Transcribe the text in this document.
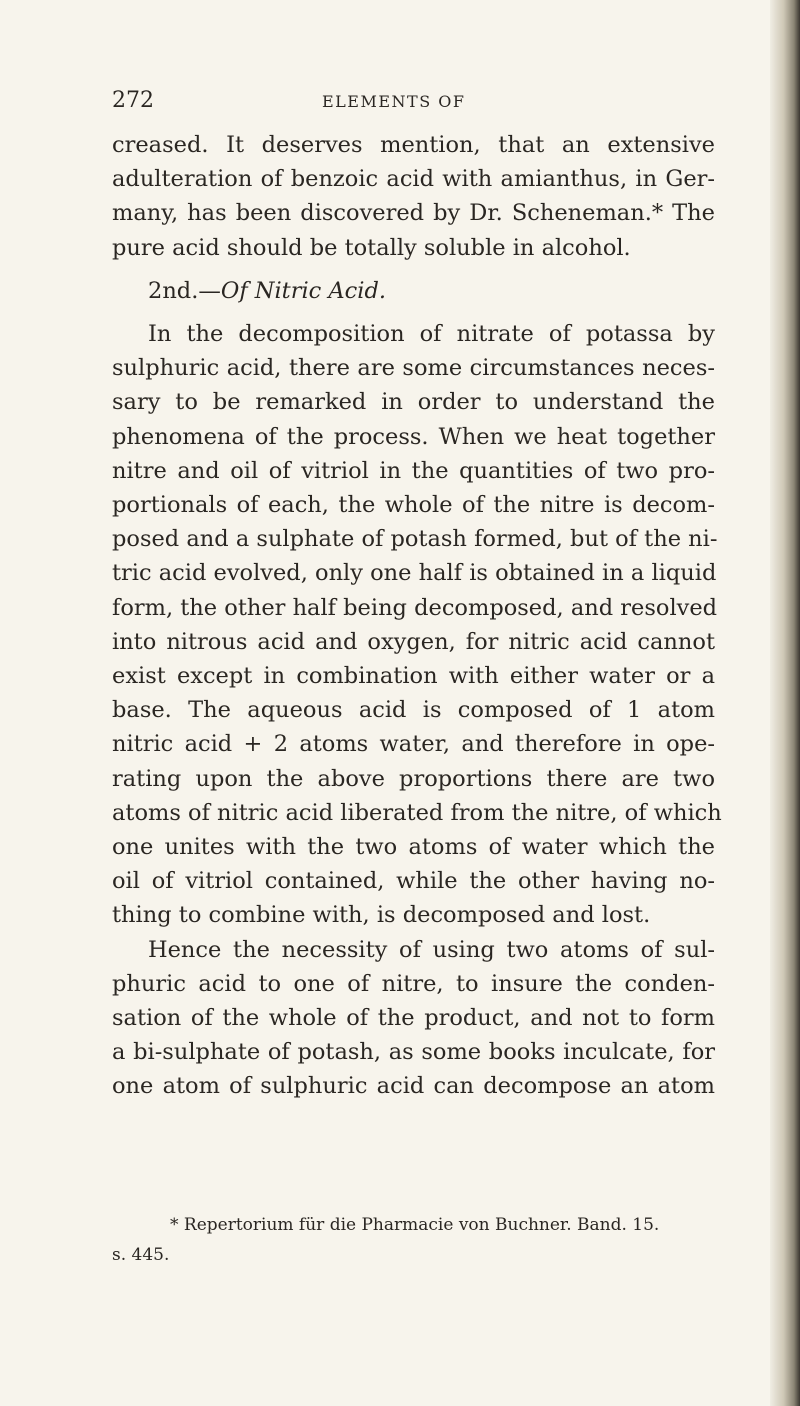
272	ELEMENTS OF
creased. It deserves mention, that an extensive
adulteration of benzoic acid with amianthus, in Ger-
many, has been discovered by Dr. Scheneman.* The
pure acid should be totally soluble in alcohol.
2nd.—Of Nitric Acid.
In the decomposition of nitrate of potassa by
sulphuric acid, there are some circumstances neces-
sary to be remarked in order to understand the
phenomena of the process. When we heat together
nitre and oil of vitriol in the quantities of two pro-
portionals of each, the whole of the nitre is decom-
posed and a sulphate of potash formed, but of the ni-
tric acid evolved, only one half is obtained in a liquid
form, the other half being decomposed, and resolved
into nitrous acid and oxygen, for nitric acid cannot
exist except in combination with either water or a
base. The aqueous acid is composed of 1 atom
nitric acid + 2 atoms water, and therefore in ope-
rating upon the above proportions there are two
atoms of nitric acid liberated from the nitre, of which
one unites with the two atoms of water which the
oil of vitriol contained, while the other having no-
thing to combine with, is decomposed and lost.
Hence the necessity of using two atoms of sul-
phuric acid to one of nitre, to insure the conden-
sation of the whole of the product, and not to form
a bi-sulphate of potash, as some books inculcate, for
one atom of sulphuric acid can decompose an atom
* Repertorium für die Pharmacie von Buchner. Band. 15.
s. 445.
